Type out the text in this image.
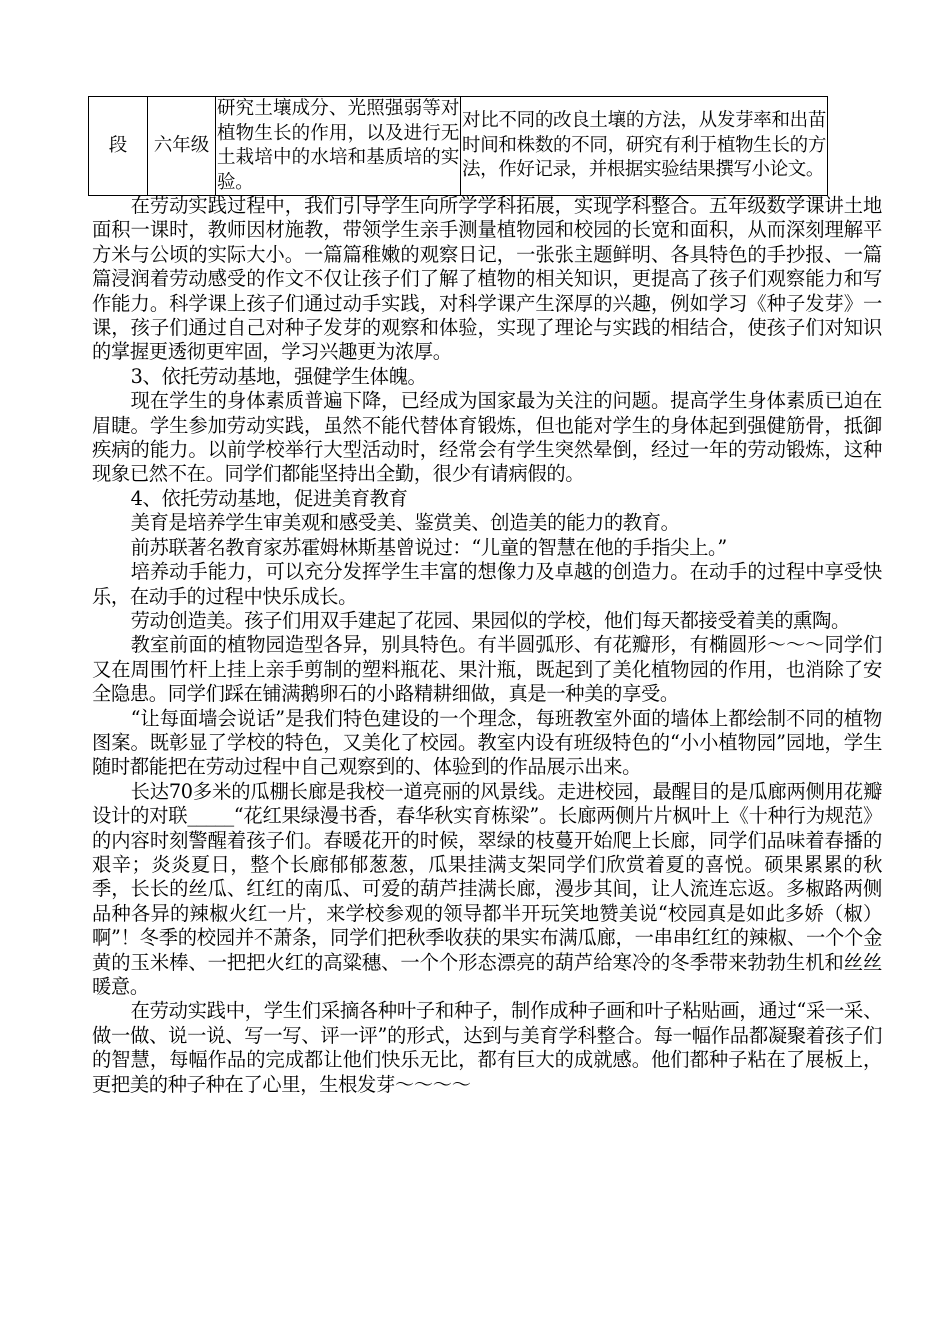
段	六年级	研究土壤成分、光照强弱等对植物生长的作用，以及进行无土栽培中的水培和基质培的实验。	对比不同的改良土壤的方法，从发芽率和出苗时间和株数的不同，研究有利于植物生长的方法，作好记录，并根据实验结果撰写小论文。

在劳动实践过程中，我们引导学生向所学学科拓展，实现学科整合。五年级数学课讲土地面积一课时，教师因材施教，带领学生亲手测量植物园和校园的长宽和面积，从而深刻理解平方米与公顷的实际大小。一篇篇稚嫩的观察日记，一张张主题鲜明、各具特色的手抄报、一篇篇浸润着劳动感受的作文不仅让孩子们了解了植物的相关知识，更提高了孩子们观察能力和写作能力。科学课上孩子们通过动手实践，对科学课产生深厚的兴趣，例如学习《种子发芽》一课，孩子们通过自己对种子发芽的观察和体验，实现了理论与实践的相结合，使孩子们对知识的掌握更透彻更牢固，学习兴趣更为浓厚。

3、依托劳动基地，强健学生体魄。

现在学生的身体素质普遍下降，已经成为国家最为关注的问题。提高学生身体素质已迫在眉睫。学生参加劳动实践，虽然不能代替体育锻炼，但也能对学生的身体起到强健筋骨，抵御疾病的能力。以前学校举行大型活动时，经常会有学生突然晕倒，经过一年的劳动锻炼，这种现象已然不在。同学们都能坚持出全勤，很少有请病假的。

4、依托劳动基地，促进美育教育

美育是培养学生审美观和感受美、鉴赏美、创造美的能力的教育。

前苏联著名教育家苏霍姆林斯基曾说过：“儿童的智慧在他的手指尖上。”

培养动手能力，可以充分发挥学生丰富的想像力及卓越的创造力。在动手的过程中享受快乐，在动手的过程中快乐成长。

劳动创造美。孩子们用双手建起了花园、果园似的学校，他们每天都接受着美的熏陶。

教室前面的植物园造型各异，别具特色。有半圆弧形、有花瓣形，有椭圆形～～～同学们又在周围竹杆上挂上亲手剪制的塑料瓶花、果汁瓶，既起到了美化植物园的作用，也消除了安全隐患。同学们踩在铺满鹅卵石的小路精耕细做，真是一种美的享受。

“让每面墙会说话”是我们特色建设的一个理念，每班教室外面的墙体上都绘制不同的植物图案。既彰显了学校的特色，又美化了校园。教室内设有班级特色的“小小植物园”园地，学生随时都能把在劳动过程中自己观察到的、体验到的作品展示出来。

长达70多米的瓜棚长廊是我校一道亮丽的风景线。走进校园，最醒目的是瓜廊两侧用花瓣设计的对联_____“花红果绿漫书香，春华秋实育栋梁”。长廊两侧片片枫叶上《十种行为规范》的内容时刻警醒着孩子们。春暖花开的时候，翠绿的枝蔓开始爬上长廊，同学们品味着春播的艰辛；炎炎夏日，整个长廊郁郁葱葱，瓜果挂满支架同学们欣赏着夏的喜悦。硕果累累的秋季，长长的丝瓜、红红的南瓜、可爱的葫芦挂满长廊，漫步其间，让人流连忘返。多椒路两侧品种各异的辣椒火红一片，来学校参观的领导都半开玩笑地赞美说“校园真是如此多娇（椒）啊”！冬季的校园并不萧条，同学们把秋季收获的果实布满瓜廊，一串串红红的辣椒、一个个金黄的玉米棒、一把把火红的高粱穗、一个个形态漂亮的葫芦给寒冷的冬季带来勃勃生机和丝丝暖意。

在劳动实践中，学生们采摘各种叶子和种子，制作成种子画和叶子粘贴画，通过“采一采、做一做、说一说、写一写、评一评”的形式，达到与美育学科整合。每一幅作品都凝聚着孩子们的智慧，每幅作品的完成都让他们快乐无比，都有巨大的成就感。他们都种子粘在了展板上，更把美的种子种在了心里，生根发芽～～～～
